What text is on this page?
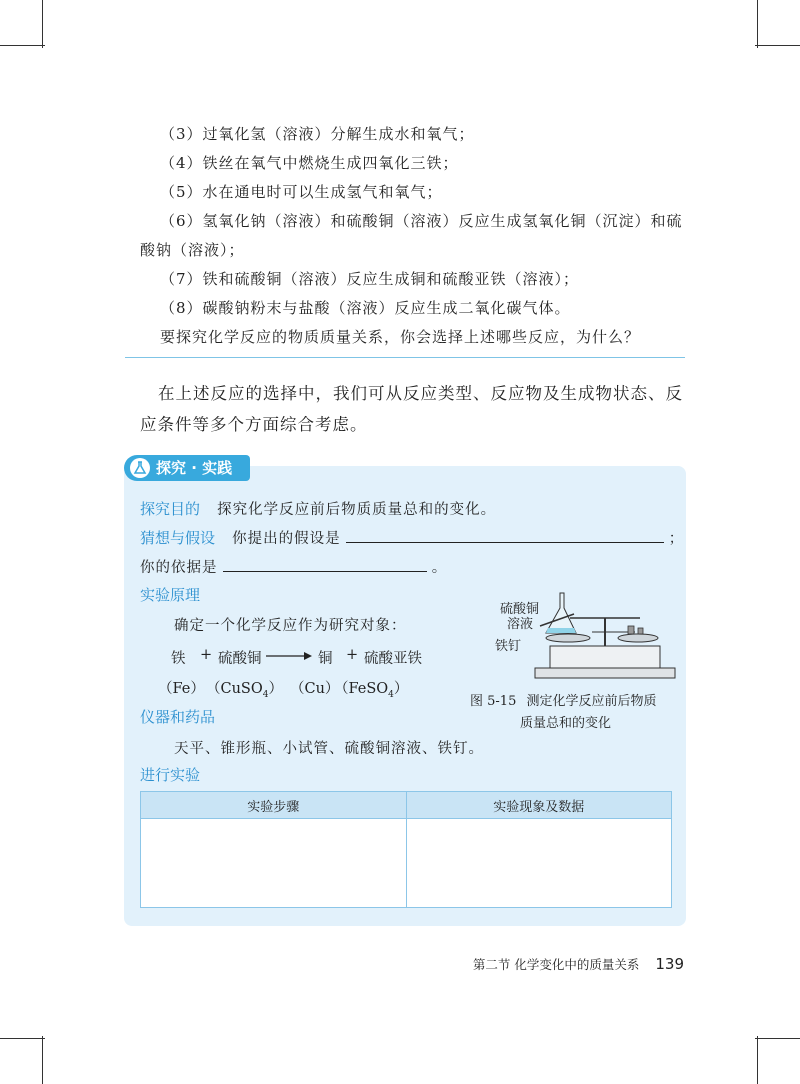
（3）过氧化氢（溶液）分解生成水和氧气；
（4）铁丝在氧气中燃烧生成四氧化三铁；
（5）水在通电时可以生成氢气和氧气；
（6）氢氧化钠（溶液）和硫酸铜（溶液）反应生成氢氧化铜（沉淀）和硫
酸钠（溶液）；
（7）铁和硫酸铜（溶液）反应生成铜和硫酸亚铁（溶液）；
（8）碳酸钠粉末与盐酸（溶液）反应生成二氧化碳气体。
要探究化学反应的物质质量关系，你会选择上述哪些反应，为什么？
在上述反应的选择中，我们可从反应类型、反应物及生成物状态、反应条件等多个方面综合考虑。
探究 · 实践
探究目的 探究化学反应前后物质质量总和的变化。
猜想与假设 你提出的假设是	；
你的依据是	。
实验原理
确定一个化学反应作为研究对象：
铁 + 硫酸铜 → 铜 + 硫酸亚铁
（Fe） （CuSO$_4$） （Cu）
（FeSO$_4$）
硫酸铜
溶液
铁钉
图 5-15 测定化学反应前后物质
质量总和的变化
仪器和药品
天平、锥形瓶、小试管、硫酸铜溶液、铁钉。
进行实验
实验步骤	实验现象及数据

第二节 化学变化中的质量关系 139
